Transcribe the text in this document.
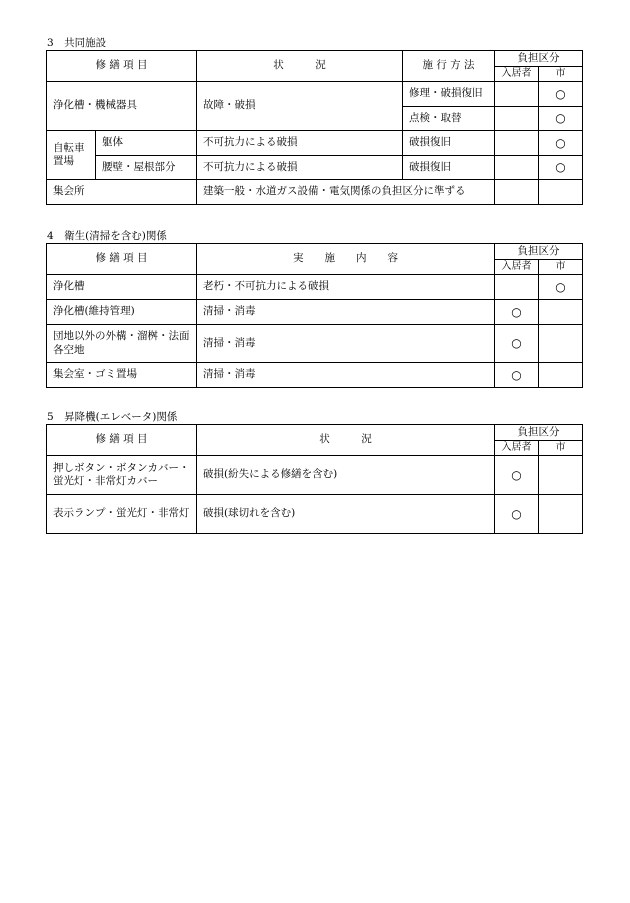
3　共同施設
修 繕 項 目		状　　　況	施 行 方 法	負担区分	
				入居者	市
浄化槽・機械器具		故障・破損	修理・破損復旧		○
			点検・取替		○
自転車置場	躯体	不可抗力による破損	破損復旧		○
	腰壁・屋根部分	不可抗力による破損	破損復旧		○
集会所		建築一般・水道ガス設備・電気関係の負担区分に準ずる			
4　衛生(清掃を含む)関係
修 繕 項 目	実　　施　　内　　容	負担区分	
		入居者	市
浄化槽	老朽・不可抗力による破損		○
浄化槽(維持管理)	清掃・消毒	○	
団地以外の外構・溜桝・法面各空地	清掃・消毒	○	
集会室・ゴミ置場	清掃・消毒	○	
5　昇降機(エレベータ)関係
修 繕 項 目	状　　　況	負担区分	
		入居者	市
押しボタン・ボタンカバー・蛍光灯・非常灯カバー	破損(紛失による修繕を含む)	○	
表示ランプ・蛍光灯・非常灯	破損(球切れを含む)	○	
